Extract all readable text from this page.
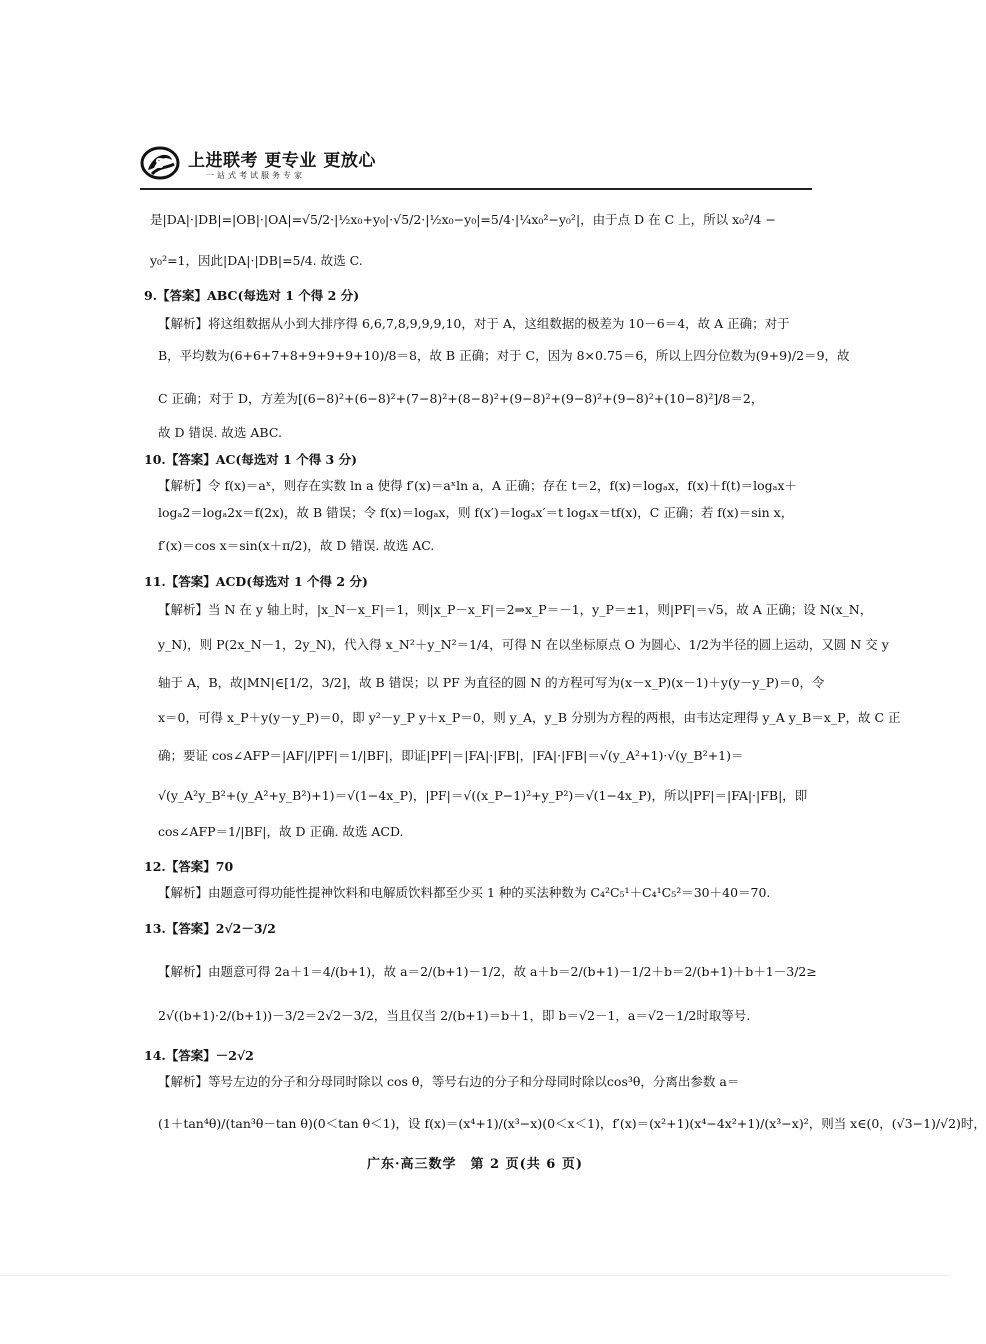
S 上进联考 更专业 更放心
一站式考试服务专家
是|DA|·|DB|=|OB|·|OA|=√5/2·|½x₀+y₀|·√5/2·|½x₀−y₀|=5/4·|¼x₀²−y₀²|，由于点 D 在 C 上，所以 x₀²/4 −
y₀²=1，因此|DA|·|DB|=5/4. 故选 C.
9.【答案】ABC(每选对 1 个得 2 分)
【解析】将这组数据从小到大排序得 6,6,7,8,9,9,9,10，对于 A，这组数据的极差为 10－6＝4，故 A 正确；对于
B，平均数为(6+6+7+8+9+9+9+10)/8＝8，故 B 正确；对于 C，因为 8×0.75＝6，所以上四分位数为(9+9)/2＝9，故
C 正确；对于 D，方差为[(6−8)²+(6−8)²+(7−8)²+(8−8)²+(9−8)²+(9−8)²+(9−8)²+(10−8)²]/8＝2，
故 D 错误. 故选 ABC.
10.【答案】AC(每选对 1 个得 3 分)
【解析】令 f(x)＝aˣ，则存在实数 ln a 使得 f′(x)＝aˣln a，A 正确；存在 t＝2，f(x)＝logₐx，f(x)＋f(t)＝logₐx＋
logₐ2＝logₐ2x＝f(2x)，故 B 错误；令 f(x)＝logₐx，则 f(x′)＝logₐx′＝t logₐx＝tf(x)，C 正确；若 f(x)＝sin x，
f′(x)＝cos x＝sin(x＋π/2)，故 D 错误. 故选 AC.
11.【答案】ACD(每选对 1 个得 2 分)
【解析】当 N 在 y 轴上时，|x_N－x_F|＝1，则|x_P－x_F|＝2⇒x_P＝－1，y_P＝±1，则|PF|＝√5，故 A 正确；设 N(x_N，
y_N)，则 P(2x_N－1，2y_N)，代入得 x_N²＋y_N²＝1/4，可得 N 在以坐标原点 O 为圆心、1/2为半径的圆上运动，又圆 N 交 y
轴于 A，B，故|MN|∈[1/2，3/2]，故 B 错误；以 PF 为直径的圆 N 的方程可写为(x－x_P)(x－1)＋y(y－y_P)＝0，令
x＝0，可得 x_P＋y(y－y_P)＝0，即 y²－y_P y＋x_P＝0，则 y_A，y_B 分别为方程的两根，由韦达定理得 y_A y_B＝x_P，故 C 正
确；要证 cos∠AFP＝|AF|/|PF|＝1/|BF|，即证|PF|＝|FA|·|FB|，|FA|·|FB|＝√(y_A²+1)·√(y_B²+1)＝
√(y_A²y_B²+(y_A²+y_B²)+1)＝√(1−4x_P)，|PF|＝√((x_P−1)²+y_P²)＝√(1−4x_P)，所以|PF|＝|FA|·|FB|，即
cos∠AFP＝1/|BF|，故 D 正确. 故选 ACD.
12.【答案】70
【解析】由题意可得功能性提神饮料和电解质饮料都至少买 1 种的买法种数为 C₄²C₅¹＋C₄¹C₅²＝30＋40＝70.
13.【答案】2√2－3/2
【解析】由题意可得 2a＋1＝4/(b+1)，故 a＝2/(b+1)－1/2，故 a＋b＝2/(b+1)－1/2＋b＝2/(b+1)＋b＋1－3/2≥
2√((b+1)·2/(b+1))－3/2＝2√2－3/2，当且仅当 2/(b+1)＝b＋1，即 b＝√2－1，a＝√2－1/2时取等号.
14.【答案】－2√2
【解析】等号左边的分子和分母同时除以 cos θ，等号右边的分子和分母同时除以cos³θ，分离出参数 a＝
(1＋tan⁴θ)/(tan³θ－tan θ)(0＜tan θ＜1)，设 f(x)＝(x⁴+1)/(x³−x)(0＜x＜1)，f′(x)＝(x²+1)(x⁴−4x²+1)/(x³−x)²，则当 x∈(0，(√3−1)/√2)时，
广东·高三数学　第 2 页(共 6 页)
